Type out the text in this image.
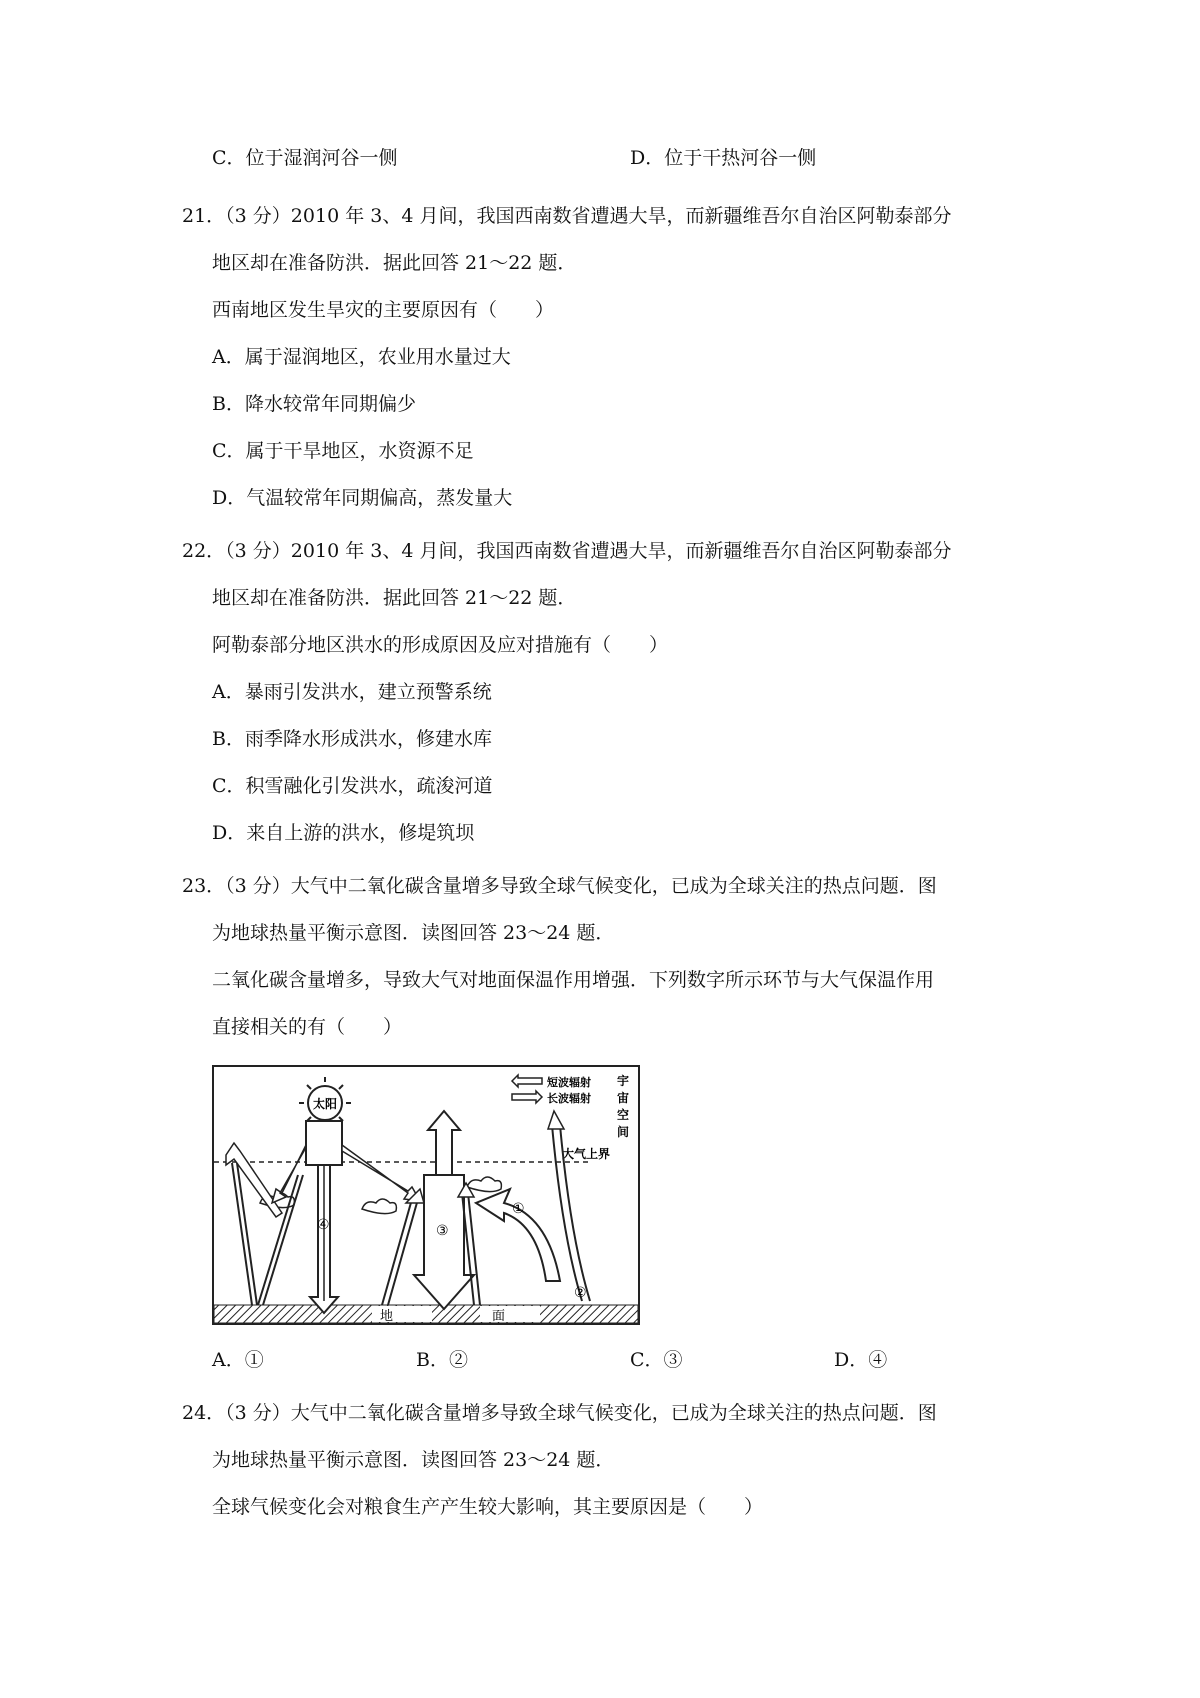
C．位于湿润河谷一侧	D．位于干热河谷一侧
21．（3 分）2010 年 3、4 月间，我国西南数省遭遇大旱，而新疆维吾尔自治区阿勒泰部分
地区却在准备防洪．据此回答 21～22 题．
西南地区发生旱灾的主要原因有（　　）
A．属于湿润地区，农业用水量过大
B．降水较常年同期偏少
C．属于干旱地区，水资源不足
D．气温较常年同期偏高，蒸发量大
22．（3 分）2010 年 3、4 月间，我国西南数省遭遇大旱，而新疆维吾尔自治区阿勒泰部分
地区却在准备防洪．据此回答 21～22 题．
阿勒泰部分地区洪水的形成原因及应对措施有（　　）
A．暴雨引发洪水，建立预警系统
B．雨季降水形成洪水，修建水库
C．积雪融化引发洪水，疏浚河道
D．来自上游的洪水，修堤筑坝
23．（3 分）大气中二氧化碳含量增多导致全球气候变化，已成为全球关注的热点问题．图
为地球热量平衡示意图．读图回答 23～24 题．
二氧化碳含量增多，导致大气对地面保温作用增强．下列数字所示环节与大气保温作用
直接相关的有（　　）
地	面
太阳
短波辐射
长波辐射
宇
宙
空
间
大气上界
④	③
①
②
A．①	B．②	C．③	D．④
24．（3 分）大气中二氧化碳含量增多导致全球气候变化，已成为全球关注的热点问题．图
为地球热量平衡示意图．读图回答 23～24 题．
全球气候变化会对粮食生产产生较大影响，其主要原因是（　　）
